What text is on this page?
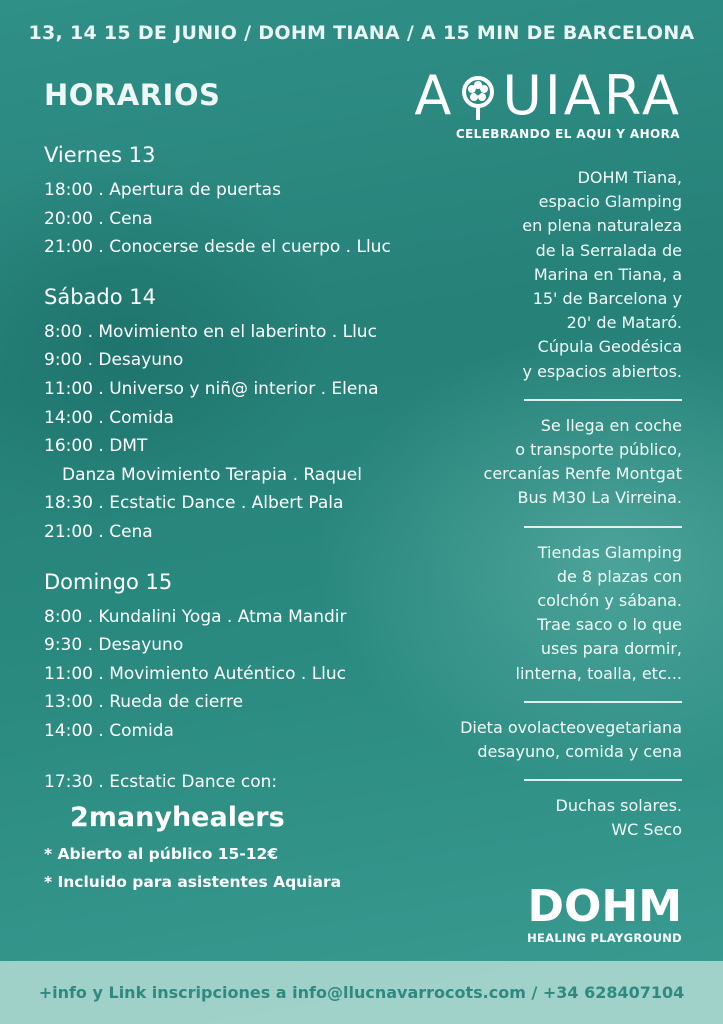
13, 14 15 DE JUNIO / DOHM TIANA / A 15 MIN DE BARCELONA
HORARIOS	A UIARA
CELEBRANDO EL AQUI Y AHORA
Viernes 13
18:00 . Apertura de puertas
20:00 . Cena
21:00 . Conocerse desde el cuerpo . Lluc
Sábado 14
8:00 . Movimiento en el laberinto . Lluc
9:00 . Desayuno
11:00 . Universo y niñ@ interior . Elena
14:00 . Comida
16:00 . DMT
Danza Movimiento Terapia . Raquel
18:30 . Ecstatic Dance . Albert Pala
21:00 . Cena
Domingo 15
8:00 . Kundalini Yoga . Atma Mandir
9:30 . Desayuno
11:00 . Movimiento Auténtico . Lluc
13:00 . Rueda de cierre
14:00 . Comida
17:30 . Ecstatic Dance con:
2manyhealers
* Abierto al público 15-12€
* Incluido para asistentes Aquiara
DOHM Tiana,
espacio Glamping
en plena naturaleza
de la Serralada de
Marina en Tiana, a
15' de Barcelona y
20' de Mataró.
Cúpula Geodésica
y espacios abiertos.
Se llega en coche
o transporte público,
cercanías Renfe Montgat
Bus M30 La Virreina.
Tiendas Glamping
de 8 plazas con
colchón y sábana.
Trae saco o lo que
uses para dormir,
linterna, toalla, etc...
Dieta ovolacteovegetariana
desayuno, comida y cena
Duchas solares.
WC Seco
DOHM
HEALING PLAYGROUND
+info y Link inscripciones a info@llucnavarrocots.com / +34 628407104
